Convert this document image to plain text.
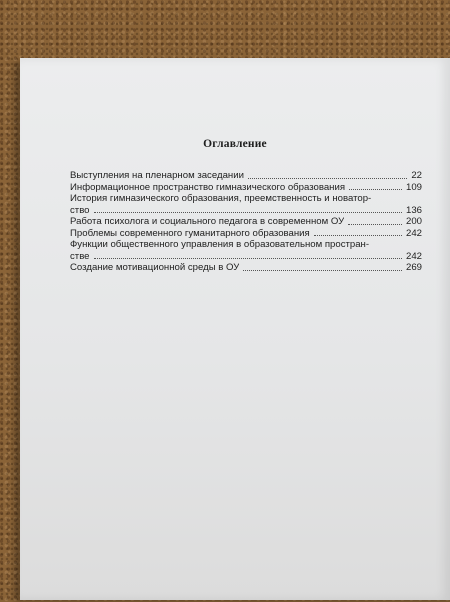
Оглавление
Выступления на пленарном заседании	22
Информационное пространство гимназического образования	109
История гимназического образования, преемственность и новатор-
ство	136
Работа психолога и социального педагога в современном ОУ	200
Проблемы современного гуманитарного образования	242
Функции общественного управления в образовательном простран-
стве	242
Создание мотивационной среды в ОУ	269
